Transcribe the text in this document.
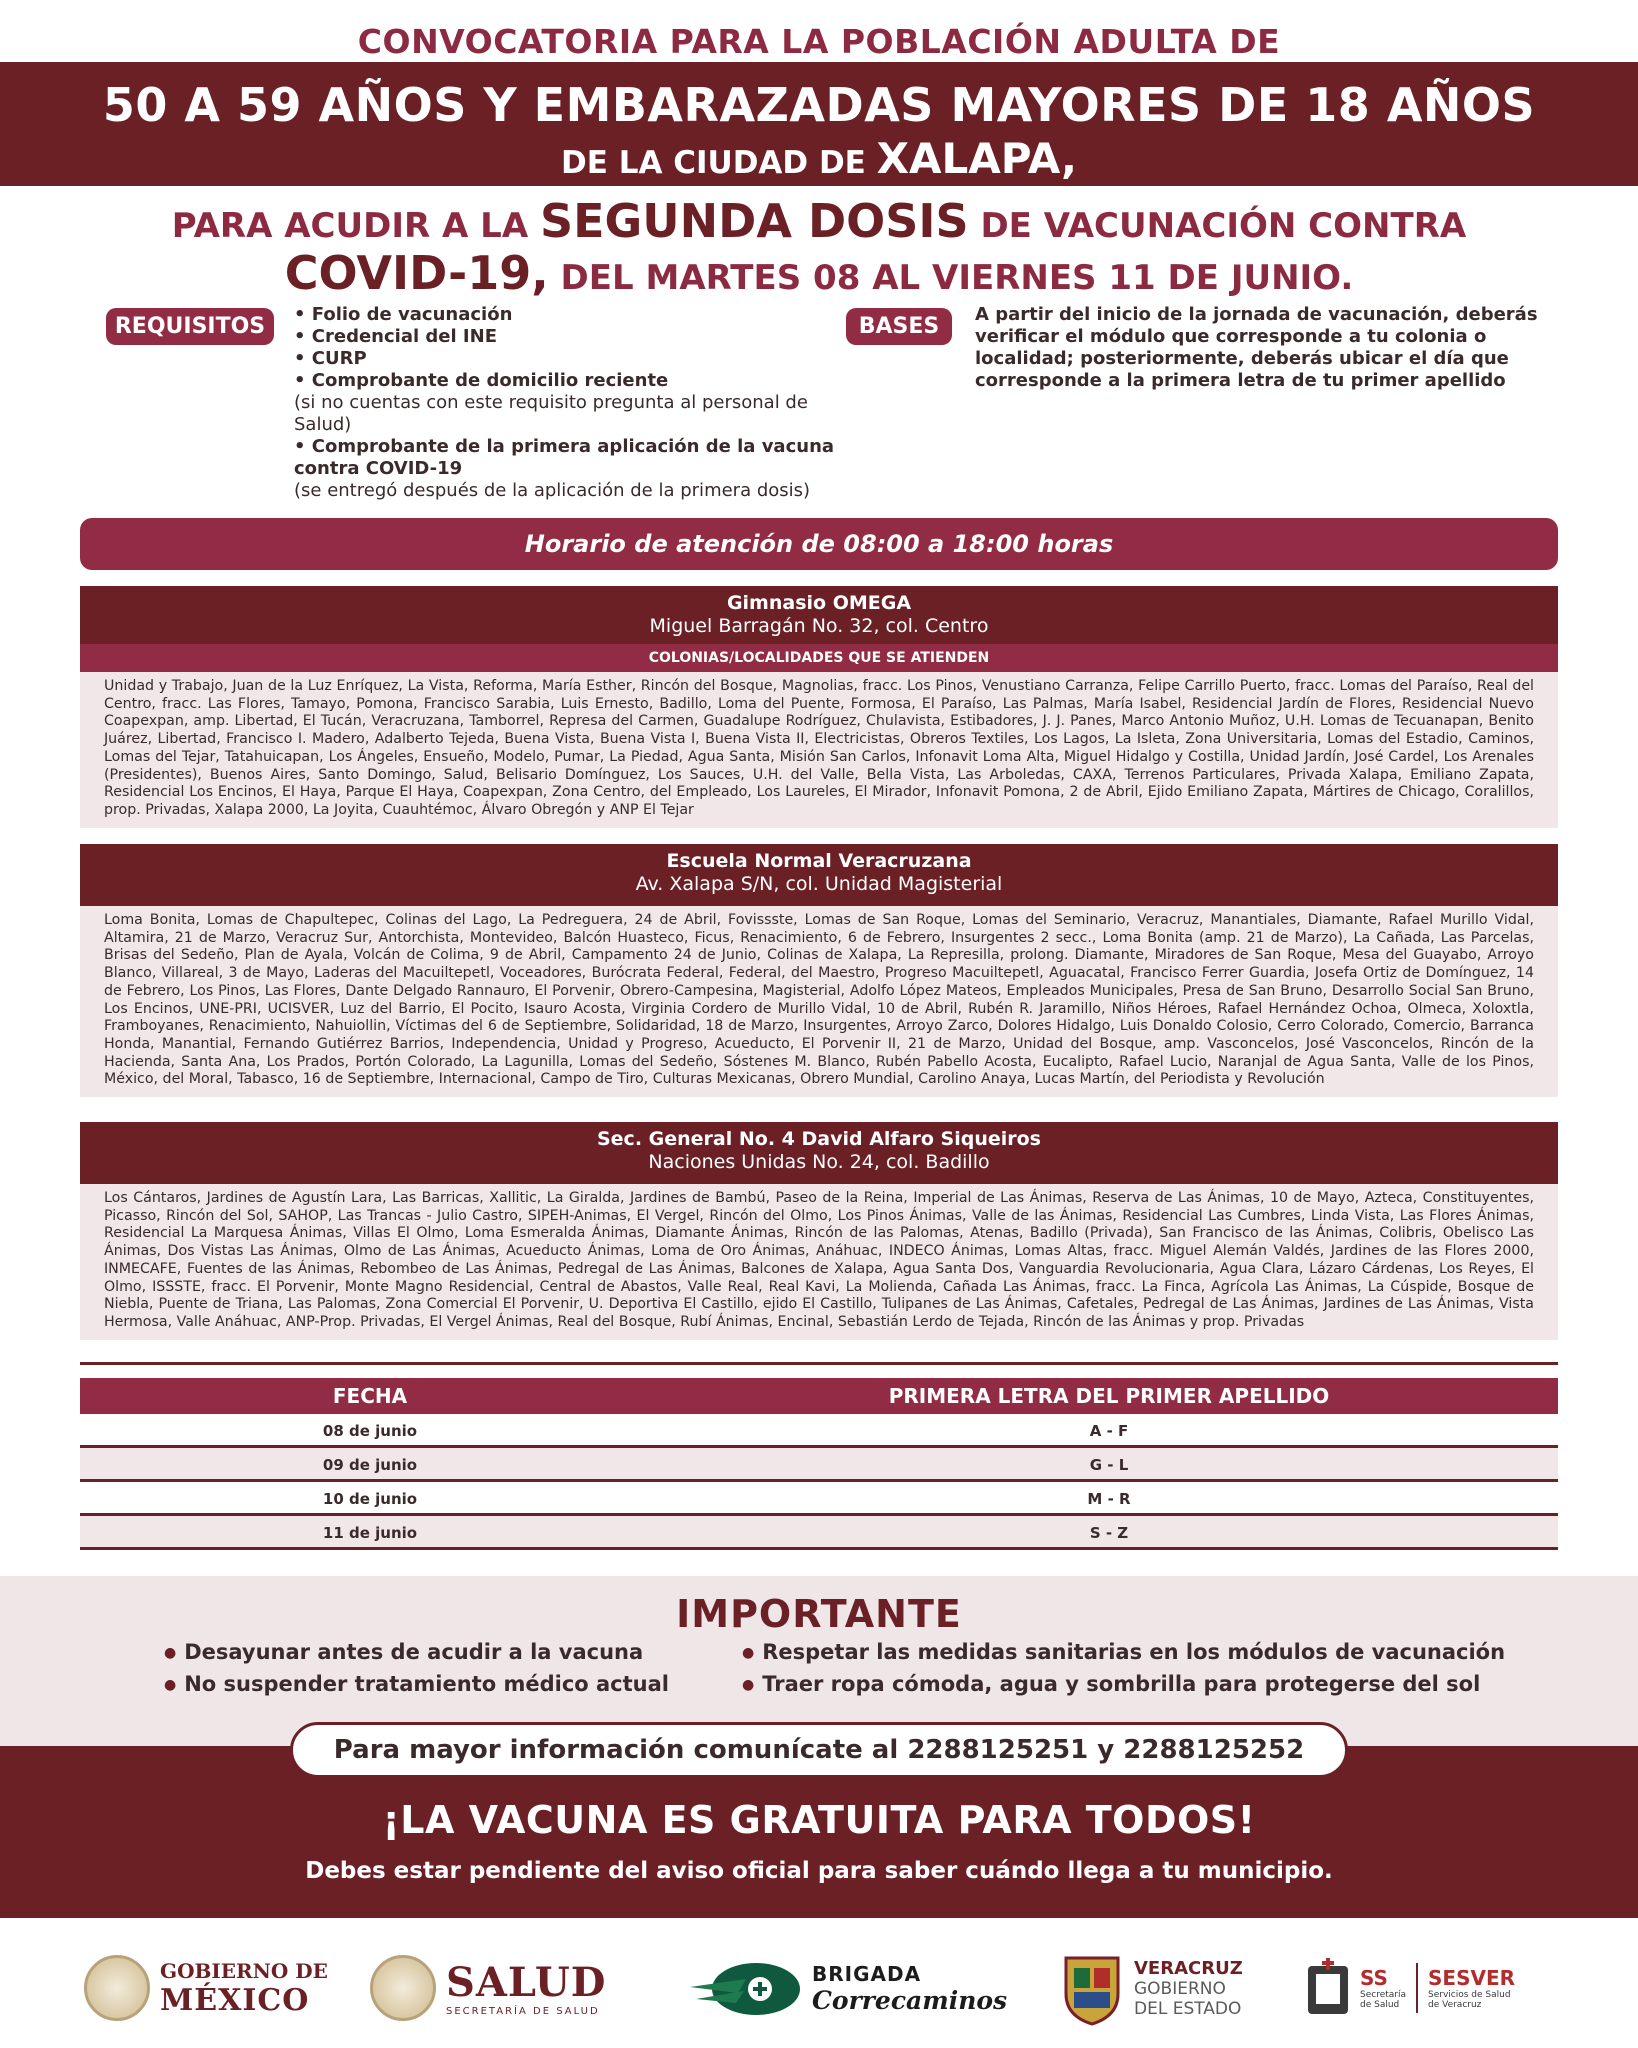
CONVOCATORIA PARA LA POBLACIÓN ADULTA DE
50 A 59 AÑOS Y EMBARAZADAS MAYORES DE 18 AÑOS
DE LA CIUDAD DE XALAPA,
PARA ACUDIR A LA SEGUNDA DOSIS DE VACUNACIÓN CONTRA
COVID-19, DEL MARTES 08 AL VIERNES 11 DE JUNIO.
REQUISITOS	• Folio de vacunación
• Credencial del INE
• CURP
• Comprobante de domicilio reciente
(si no cuentas con este requisito pregunta al personal de Salud)
• Comprobante de la primera aplicación de la vacuna contra COVID-19
(se entregó después de la aplicación de la primera dosis)
BASES	A partir del inicio de la jornada de vacunación, deberás verificar el módulo que corresponde a tu colonia o localidad; posteriormente, deberás ubicar el día que corresponde a la primera letra de tu primer apellido
Horario de atención de 08:00 a 18:00 horas
Gimnasio OMEGA
Miguel Barragán No. 32, col. Centro
COLONIAS/LOCALIDADES QUE SE ATIENDEN
Unidad y Trabajo, Juan de la Luz Enríquez, La Vista, Reforma, María Esther, Rincón del Bosque, Magnolias, fracc. Los Pinos, Venustiano Carranza, Felipe Carrillo Puerto, fracc. Lomas del Paraíso, Real del Centro, fracc. Las Flores, Tamayo, Pomona, Francisco Sarabia, Luis Ernesto, Badillo, Loma del Puente, Formosa, El Paraíso, Las Palmas, María Isabel, Residencial Jardín de Flores, Residencial Nuevo Coapexpan, amp. Libertad, El Tucán, Veracruzana, Tamborrel, Represa del Carmen, Guadalupe Rodríguez, Chulavista, Estibadores, J. J. Panes, Marco Antonio Muñoz, U.H. Lomas de Tecuanapan, Benito Juárez, Libertad, Francisco I. Madero, Adalberto Tejeda, Buena Vista, Buena Vista I, Buena Vista II, Electricistas, Obreros Textiles, Los Lagos, La Isleta, Zona Universitaria, Lomas del Estadio, Caminos, Lomas del Tejar, Tatahuicapan, Los Ángeles, Ensueño, Modelo, Pumar, La Piedad, Agua Santa, Misión San Carlos, Infonavit Loma Alta, Miguel Hidalgo y Costilla, Unidad Jardín, José Cardel, Los Arenales (Presidentes), Buenos Aires, Santo Domingo, Salud, Belisario Domínguez, Los Sauces, U.H. del Valle, Bella Vista, Las Arboledas, CAXA, Terrenos Particulares, Privada Xalapa, Emiliano Zapata, Residencial Los Encinos, El Haya, Parque El Haya, Coapexpan, Zona Centro, del Empleado, Los Laureles, El Mirador, Infonavit Pomona, 2 de Abril, Ejido Emiliano Zapata, Mártires de Chicago, Coralillos, prop. Privadas, Xalapa 2000, La Joyita, Cuauhtémoc, Álvaro Obregón y ANP El Tejar
Escuela Normal Veracruzana
Av. Xalapa S/N, col. Unidad Magisterial
Loma Bonita, Lomas de Chapultepec, Colinas del Lago, La Pedreguera, 24 de Abril, Fovissste, Lomas de San Roque, Lomas del Seminario, Veracruz, Manantiales, Diamante, Rafael Murillo Vidal, Altamira, 21 de Marzo, Veracruz Sur, Antorchista, Montevideo, Balcón Huasteco, Ficus, Renacimiento, 6 de Febrero, Insurgentes 2 secc., Loma Bonita (amp. 21 de Marzo), La Cañada, Las Parcelas, Brisas del Sedeño, Plan de Ayala, Volcán de Colima, 9 de Abril, Campamento 24 de Junio, Colinas de Xalapa, La Represilla, prolong. Diamante, Miradores de San Roque, Mesa del Guayabo, Arroyo Blanco, Villareal, 3 de Mayo, Laderas del Macuiltepetl, Voceadores, Burócrata Federal, Federal, del Maestro, Progreso Macuiltepetl, Aguacatal, Francisco Ferrer Guardia, Josefa Ortiz de Domínguez, 14 de Febrero, Los Pinos, Las Flores, Dante Delgado Rannauro, El Porvenir, Obrero-Campesina, Magisterial, Adolfo López Mateos, Empleados Municipales, Presa de San Bruno, Desarrollo Social San Bruno, Los Encinos, UNE-PRI, UCISVER, Luz del Barrio, El Pocito, Isauro Acosta, Virginia Cordero de Murillo Vidal, 10 de Abril, Rubén R. Jaramillo, Niños Héroes, Rafael Hernández Ochoa, Olmeca, Xoloxtla, Framboyanes, Renacimiento, Nahuiollin, Víctimas del 6 de Septiembre, Solidaridad, 18 de Marzo, Insurgentes, Arroyo Zarco, Dolores Hidalgo, Luis Donaldo Colosio, Cerro Colorado, Comercio, Barranca Honda, Manantial, Fernando Gutiérrez Barrios, Independencia, Unidad y Progreso, Acueducto, El Porvenir II, 21 de Marzo, Unidad del Bosque, amp. Vasconcelos, José Vasconcelos, Rincón de la Hacienda, Santa Ana, Los Prados, Portón Colorado, La Lagunilla, Lomas del Sedeño, Sóstenes M. Blanco, Rubén Pabello Acosta, Eucalipto, Rafael Lucio, Naranjal de Agua Santa, Valle de los Pinos, México, del Moral, Tabasco, 16 de Septiembre, Internacional, Campo de Tiro, Culturas Mexicanas, Obrero Mundial, Carolino Anaya, Lucas Martín, del Periodista y Revolución
Sec. General No. 4 David Alfaro Siqueiros
Naciones Unidas No. 24, col. Badillo
Los Cántaros, Jardines de Agustín Lara, Las Barricas, Xallitic, La Giralda, Jardines de Bambú, Paseo de la Reina, Imperial de Las Ánimas, Reserva de Las Ánimas, 10 de Mayo, Azteca, Constituyentes, Picasso, Rincón del Sol, SAHOP, Las Trancas - Julio Castro, SIPEH-Animas, El Vergel, Rincón del Olmo, Los Pinos Ánimas, Valle de las Ánimas, Residencial Las Cumbres, Linda Vista, Las Flores Ánimas, Residencial La Marquesa Ánimas, Villas El Olmo, Loma Esmeralda Ánimas, Diamante Ánimas, Rincón de las Palomas, Atenas, Badillo (Privada), San Francisco de las Ánimas, Colibris, Obelisco Las Ánimas, Dos Vistas Las Ánimas, Olmo de Las Ánimas, Acueducto Ánimas, Loma de Oro Ánimas, Anáhuac, INDECO Ánimas, Lomas Altas, fracc. Miguel Alemán Valdés, Jardines de las Flores 2000, INMECAFE, Fuentes de las Ánimas, Rebombeo de Las Ánimas, Pedregal de Las Ánimas, Balcones de Xalapa, Agua Santa Dos, Vanguardia Revolucionaria, Agua Clara, Lázaro Cárdenas, Los Reyes, El Olmo, ISSSTE, fracc. El Porvenir, Monte Magno Residencial, Central de Abastos, Valle Real, Real Kavi, La Molienda, Cañada Las Ánimas, fracc. La Finca, Agrícola Las Ánimas, La Cúspide, Bosque de Niebla, Puente de Triana, Las Palomas, Zona Comercial El Porvenir, U. Deportiva El Castillo, ejido El Castillo, Tulipanes de Las Ánimas, Cafetales, Pedregal de Las Ánimas, Jardines de Las Ánimas, Vista Hermosa, Valle Anáhuac, ANP-Prop. Privadas, El Vergel Ánimas, Real del Bosque, Rubí Ánimas, Encinal, Sebastián Lerdo de Tejada, Rincón de las Ánimas y prop. Privadas
FECHA	PRIMERA LETRA DEL PRIMER APELLIDO
08 de junio	A - F
09 de junio	G - L
10 de junio	M - R
11 de junio	S - Z
IMPORTANTE
● Desayunar antes de acudir a la vacuna
● No suspender tratamiento médico actual
● Respetar las medidas sanitarias en los módulos de vacunación
● Traer ropa cómoda, agua y sombrilla para protegerse del sol
Para mayor información comunícate al 2288125251 y 2288125252
¡LA VACUNA ES GRATUITA PARA TODOS!
Debes estar pendiente del aviso oficial para saber cuándo llega a tu municipio.
GOBIERNO DE
MÉXICO	SALUD
SECRETARÍA DE SALUD
BRIGADA
Correcaminos
VERACRUZ
GOBIERNO
DEL ESTADO
SS
Secretaría
de Salud
SESVER
Servicios de Salud
de Veracruz
